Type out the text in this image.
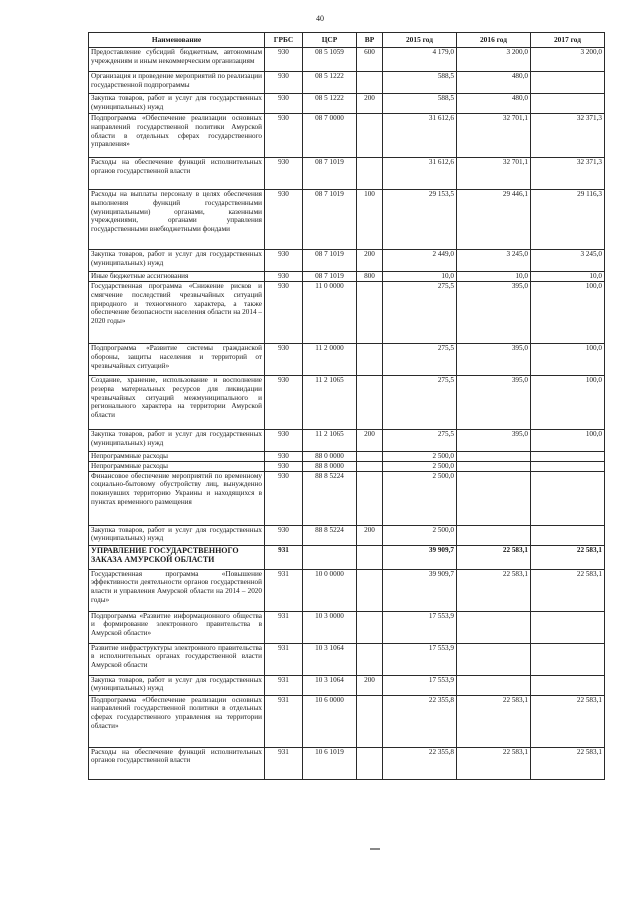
40
Наименование	ГРБС	ЦСР	ВР	2015 год	2016 год	2017 год
Предоставление субсидий бюджетным, автономным учреждениям и иным некоммерческим организациям	930	08 5 1059	600	4 179,0	3 200,0	3 200,0
Организация и проведение мероприятий по реализации государственной подпрограммы	930	08 5 1222		588,5	480,0	
Закупка товаров, работ и услуг для государственных (муниципальных) нужд	930	08 5 1222	200	588,5	480,0	
Подпрограмма «Обеспечение реализации основных направлений государственной политики Амурской области в отдельных сферах государственного управления»	930	08 7 0000		31 612,6	32 701,1	32 371,3
Расходы на обеспечение функций исполнительных органов государственной власти	930	08 7 1019		31 612,6	32 701,1	32 371,3
Расходы на выплаты персоналу в целях обеспечения выполнения функций государственными (муниципальными) органами, казенными учреждениями, органами управления государственными внебюджетными фондами	930	08 7 1019	100	29 153,5	29 446,1	29 116,3
Закупка товаров, работ и услуг для государственных (муниципальных) нужд	930	08 7 1019	200	2 449,0	3 245,0	3 245,0
Иные бюджетные ассигнования	930	08 7 1019	800	10,0	10,0	10,0
Государственная программа «Снижение рисков и смягчение последствий чрезвычайных ситуаций природного и техногенного характера, а также обеспечение безопасности населения области на 2014 – 2020 годы»	930	11 0 0000		275,5	395,0	100,0
Подпрограмма «Развитие системы гражданской обороны, защиты населения и территорий от чрезвычайных ситуаций»	930	11 2 0000		275,5	395,0	100,0
Создание, хранение, использование и восполнение резерва материальных ресурсов для ликвидации чрезвычайных ситуаций межмуниципального и регионального характера на территории Амурской области	930	11 2 1065		275,5	395,0	100,0
Закупка товаров, работ и услуг для государственных (муниципальных) нужд	930	11 2 1065	200	275,5	395,0	100,0
Непрограммные расходы	930	88 0 0000		2 500,0		
Непрограммные расходы	930	88 8 0000		2 500,0		
Финансовое обеспечение мероприятий по временному социально-бытовому обустройству лиц, вынужденно покинувших территорию Украины и находящихся в пунктах временного размещения	930	88 8 5224		2 500,0		
Закупка товаров, работ и услуг для государственных (муниципальных) нужд	930	88 8 5224	200	2 500,0		
УПРАВЛЕНИЕ ГОСУДАРСТВЕННОГО ЗАКАЗА АМУРСКОЙ ОБЛАСТИ	931			39 909,7	22 583,1	22 583,1
Государственная программа «Повышение эффективности деятельности органов государственной власти и управления Амурской области на 2014 – 2020 годы»	931	10 0 0000		39 909,7	22 583,1	22 583,1
Подпрограмма «Развитие информационного общества и формирование электронного правительства в Амурской области»	931	10 3 0000		17 553,9		
Развитие инфраструктуры электронного правительства в исполнительных органах государственной власти Амурской области	931	10 3 1064		17 553,9		
Закупка товаров, работ и услуг для государственных (муниципальных) нужд	931	10 3 1064	200	17 553,9		
Подпрограмма «Обеспечение реализации основных направлений государственной политики в отдельных сферах государственного управления на территории области»	931	10 6 0000		22 355,8	22 583,1	22 583,1
Расходы на обеспечение функций исполнительных органов государственной власти	931	10 6 1019		22 355,8	22 583,1	22 583,1
